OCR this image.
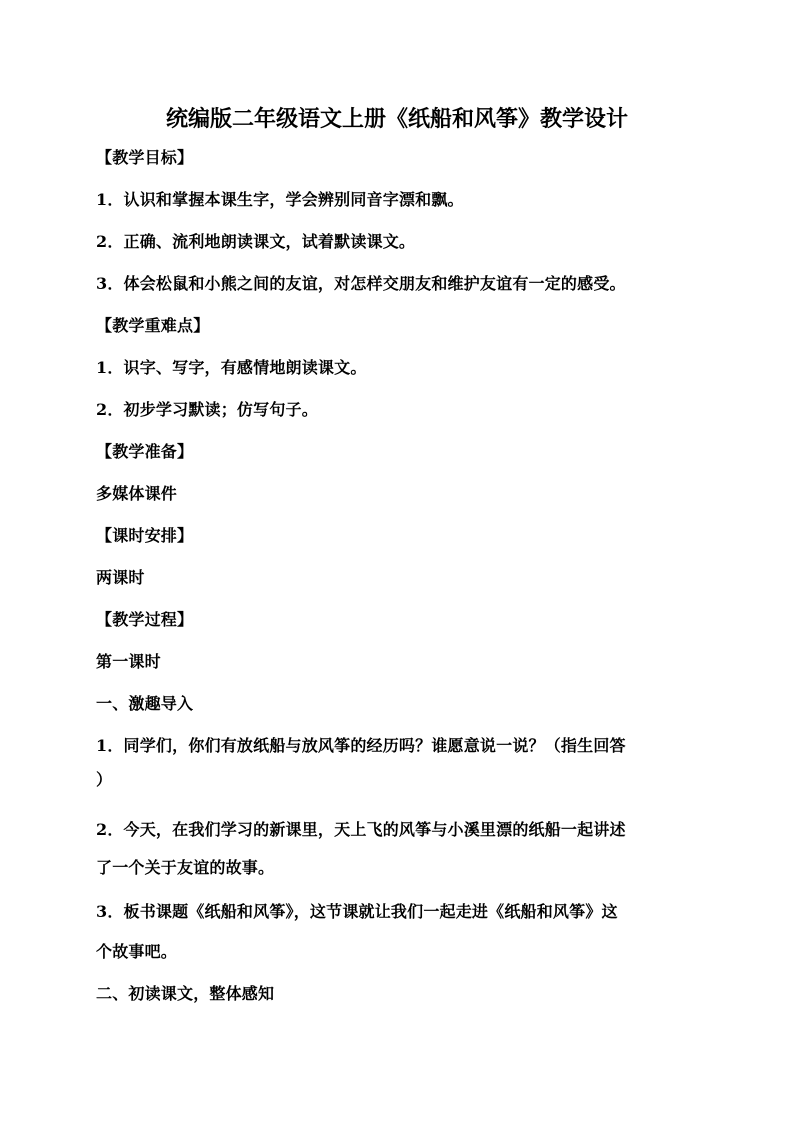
统编版二年级语文上册《纸船和风筝》教学设计
【教学目标】
1．认识和掌握本课生字，学会辨别同音字漂和飘。
2．正确、流利地朗读课文，试着默读课文。
3．体会松鼠和小熊之间的友谊，对怎样交朋友和维护友谊有一定的感受。
【教学重难点】
1．识字、写字，有感情地朗读课文。
2．初步学习默读；仿写句子。
【教学准备】
多媒体课件
【课时安排】
两课时
【教学过程】
第一课时
一、激趣导入
1．同学们，你们有放纸船与放风筝的经历吗？谁愿意说一说？（指生回答
）
2．今天，在我们学习的新课里，天上飞的风筝与小溪里漂的纸船一起讲述
了一个关于友谊的故事。
3．板书课题《纸船和风筝》，这节课就让我们一起走进《纸船和风筝》这
个故事吧。
二、初读课文，整体感知
